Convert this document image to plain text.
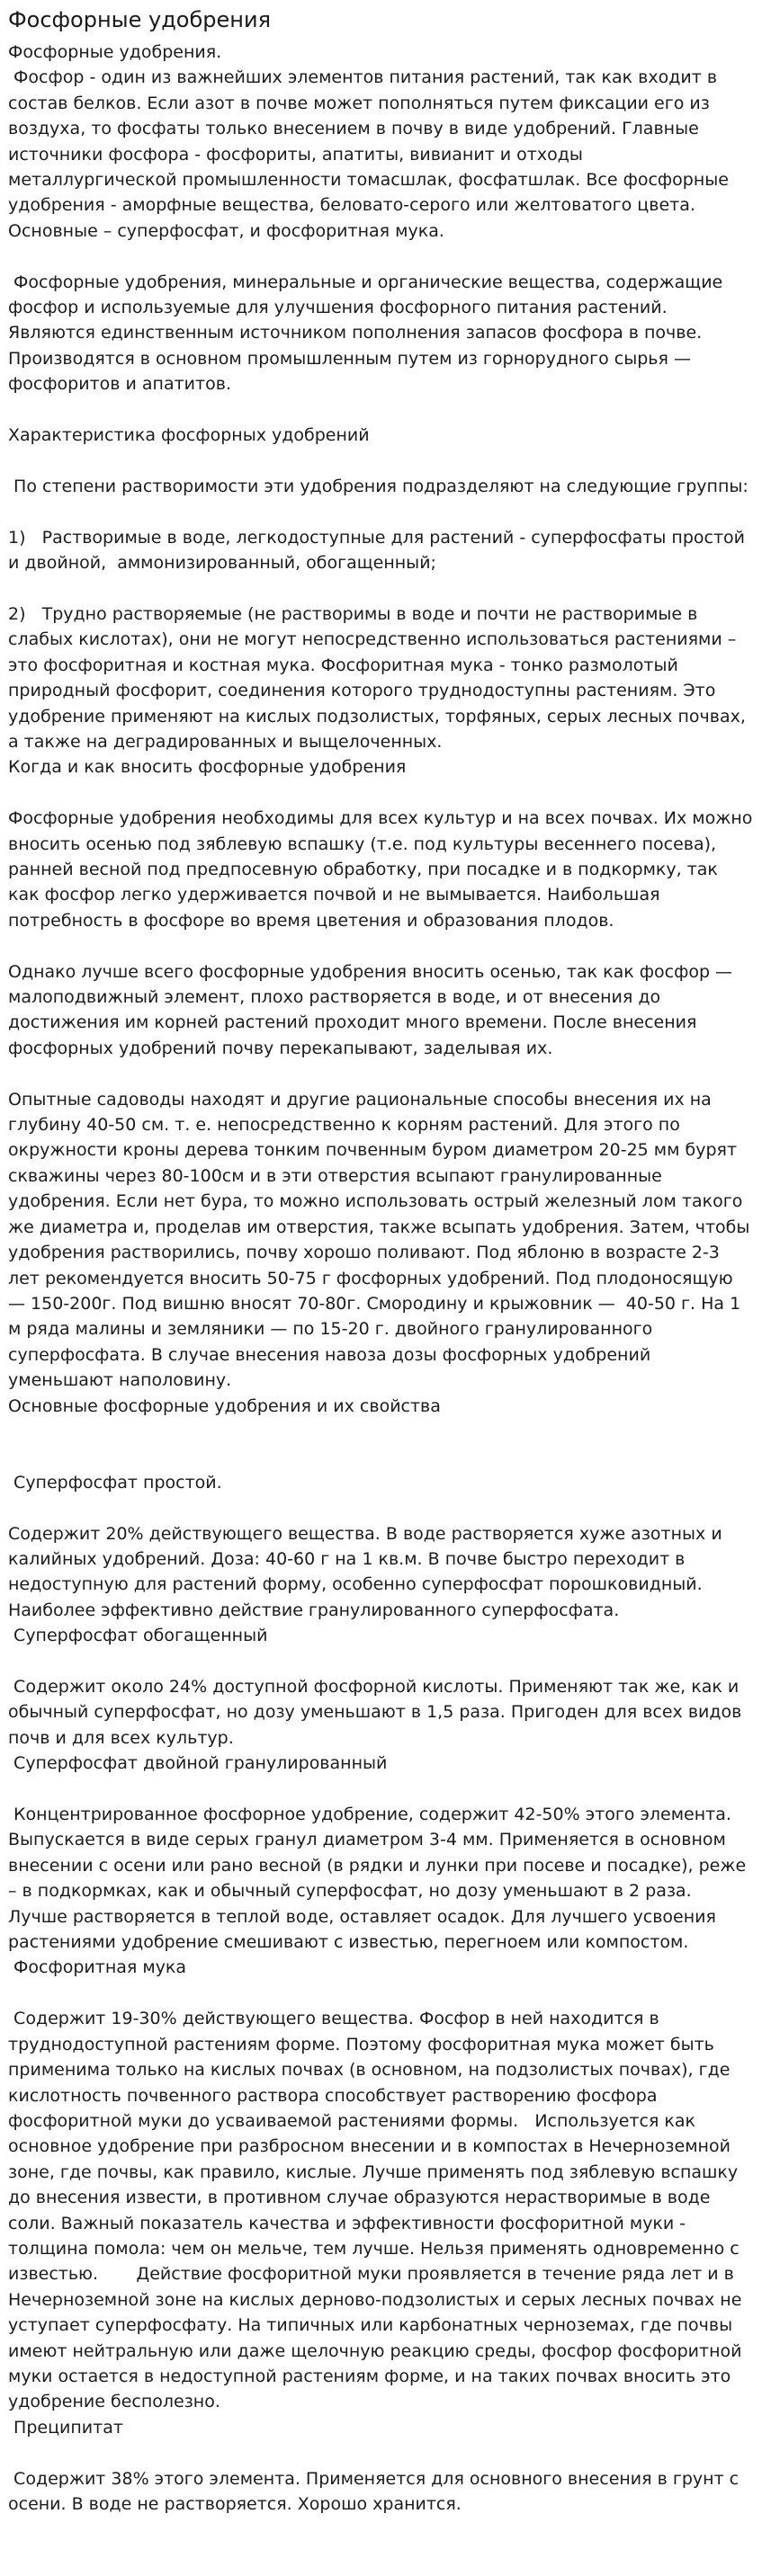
Фосфорные удобрения
Фосфорные удобрения.
Фосфор - один из важнейших элементов питания растений, так как входит в состав белков. Если азот в почве может пополняться путем фиксации его из воздуха, то фосфаты только внесением в почву в виде удобрений. Главные источники фосфора - фосфориты, апатиты, вивианит и отходы металлургической промышленности томасшлак, фосфатшлак. Все фосфорные удобрения - аморфные вещества, беловато-серого или желтоватого цвета. Основные – суперфосфат, и фосфоритная мука.

Фосфорные удобрения, минеральные и органические вещества, содержащие фосфор и используемые для улучшения фосфорного питания растений. Являются единственным источником пополнения запасов фосфора в почве. Производятся в основном промышленным путем из горнорудного сырья — фосфоритов и апатитов.

Характеристика фосфорных удобрений

По степени растворимости эти удобрения подразделяют на следующие группы:

1)   Растворимые в воде, легкодоступные для растений - суперфосфаты простой и двойной,  аммонизированный, обогащенный;

2)   Трудно растворяемые (не растворимы в воде и почти не растворимые в слабых кислотах), они не могут непосредственно использоваться растениями – это фосфоритная и костная мука. Фосфоритная мука - тонко размолотый природный фосфорит, соединения которого труднодоступны растениям. Это удобрение применяют на кислых подзолистых, торфяных, серых лесных почвах, а также на деградированных и выщелоченных.
Когда и как вносить фосфорные удобрения

Фосфорные удобрения необходимы для всех культур и на всех почвах. Их можно вносить осенью под зяблевую вспашку (т.е. под культуры весеннего посева), ранней весной под предпосевную обработку, при посадке и в подкормку, так как фосфор легко удерживается почвой и не вымывается. Наибольшая потребность в фосфоре во время цветения и образования плодов.

Однако лучше всего фосфорные удобрения вносить осенью, так как фосфор — малоподвижный элемент, плохо растворяется в воде, и от внесения до достижения им корней растений проходит много времени. После внесения фосфорных удобрений почву перекапывают, заделывая их.

Опытные садоводы находят и другие рациональные способы внесения их на глубину 40-50 см. т. е. непосредственно к корням растений. Для этого по окружности кроны дерева тонким почвенным буром диаметром 20-25 мм бурят скважины через 80-100см и в эти отверстия всыпают гранулированные удобрения. Если нет бура, то можно использовать острый железный лом такого же диаметра и, проделав им отверстия, также всыпать удобрения. Затем, чтобы удобрения растворились, почву хорошо поливают. Под яблоню в возрасте 2-3 лет рекомендуется вносить 50-75 г фосфорных удобрений. Под плодоносящую — 150-200г. Под вишню вносят 70-80г. Смородину и крыжовник —  40-50 г. На 1 м ряда малины и земляники — по 15-20 г. двойного гранулированного суперфосфата. В случае внесения навоза дозы фосфорных удобрений уменьшают наполовину.
Основные фосфорные удобрения и их свойства

Суперфосфат простой.

Содержит 20% действующего вещества. В воде растворяется хуже азотных и калийных удобрений. Доза: 40-60 г на 1 кв.м. В почве быстро переходит в недоступную для растений форму, особенно суперфосфат порошковидный. Наиболее эффективно действие гранулированного суперфосфата.
Суперфосфат обогащенный

Содержит около 24% доступной фосфорной кислоты. Применяют так же, как и обычный суперфосфат, но дозу уменьшают в 1,5 раза. Пригоден для всех видов почв и для всех культур.
Суперфосфат двойной гранулированный

Концентрированное фосфорное удобрение, содержит 42-50% этого элемента. Выпускается в виде серых гранул диаметром 3-4 мм. Применяется в основном внесении с осени или рано весной (в рядки и лунки при посеве и посадке), реже – в подкормках, как и обычный суперфосфат, но дозу уменьшают в 2 раза.          Лучше растворяется в теплой воде, оставляет осадок. Для лучшего усвоения растениями удобрение смешивают с известью, перегноем или компостом.
Фосфоритная мука

Содержит 19-30% действующего вещества. Фосфор в ней находится в труднодоступной растениям форме. Поэтому фосфоритная мука может быть применима только на кислых почвах (в основном, на подзолистых почвах), где кислотность почвенного раствора способствует растворению фосфора фосфоритной муки до усваиваемой растениями формы.   Используется как основное удобрение при разбросном внесении и в компостах в Нечерноземной зоне, где почвы, как правило, кислые. Лучше применять под зяблевую вспашку до внесения извести, в противном случае образуются нерастворимые в воде соли. Важный показатель качества и эффективности фосфоритной муки - толщина помола: чем он мельче, тем лучше. Нельзя применять одновременно с известью.       Действие фосфоритной муки проявляется в течение ряда лет и в Нечерноземной зоне на кислых дерново-подзолистых и серых лесных почвах не уступает суперфосфату. На типичных или карбонатных черноземах, где почвы имеют нейтральную или даже щелочную реакцию среды, фосфор фосфоритной муки остается в недоступной растениям форме, и на таких почвах вносить это удобрение бесполезно.
Преципитат

Содержит 38% этого элемента. Применяется для основного внесения в грунт с осени. В воде не растворяется. Хорошо хранится.
